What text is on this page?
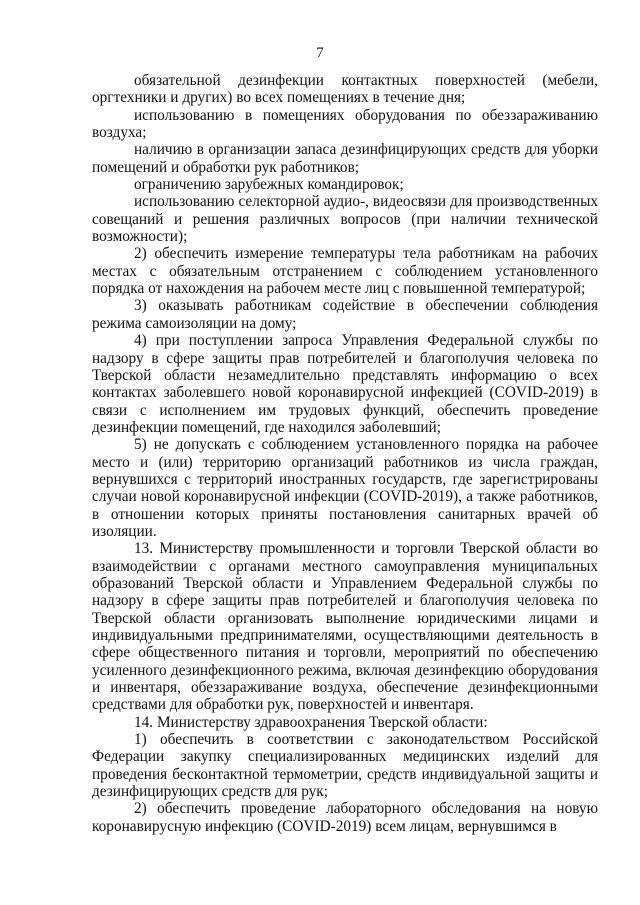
7

обязательной дезинфекции контактных поверхностей (мебели, оргтехники и других) во всех помещениях в течение дня;

использованию в помещениях оборудования по обеззараживанию воздуха;

наличию в организации запаса дезинфицирующих средств для уборки помещений и обработки рук работников;

ограничению зарубежных командировок;

использованию селекторной аудио-, видеосвязи для производственных совещаний и решения различных вопросов (при наличии технической возможности);

2) обеспечить измерение температуры тела работникам на рабочих местах с обязательным отстранением с соблюдением установленного порядка от нахождения на рабочем месте лиц с повышенной температурой;

3) оказывать работникам содействие в обеспечении соблюдения режима самоизоляции на дому;

4) при поступлении запроса Управления Федеральной службы по надзору в сфере защиты прав потребителей и благополучия человека по Тверской области незамедлительно представлять информацию о всех контактах заболевшего новой коронавирусной инфекцией (COVID-2019) в связи с исполнением им трудовых функций, обеспечить проведение дезинфекции помещений, где находился заболевший;

5) не допускать с соблюдением установленного порядка на рабочее место и (или) территорию организаций работников из числа граждан, вернувшихся с территорий иностранных государств, где зарегистрированы случаи новой коронавирусной инфекции (COVID-2019), а также работников, в отношении которых приняты постановления санитарных врачей об изоляции.

13. Министерству промышленности и торговли Тверской области во взаимодействии с органами местного самоуправления муниципальных образований Тверской области и Управлением Федеральной службы по надзору в сфере защиты прав потребителей и благополучия человека по Тверской области организовать выполнение юридическими лицами и индивидуальными предпринимателями, осуществляющими деятельность в сфере общественного питания и торговли, мероприятий по обеспечению усиленного дезинфекционного режима, включая дезинфекцию оборудования и инвентаря, обеззараживание воздуха, обеспечение дезинфекционными средствами для обработки рук, поверхностей и инвентаря.

14. Министерству здравоохранения Тверской области:

1) обеспечить в соответствии с законодательством Российской Федерации закупку специализированных медицинских изделий для проведения бесконтактной термометрии, средств индивидуальной защиты и дезинфицирующих средств для рук;

2) обеспечить проведение лабораторного обследования на новую коронавирусную инфекцию (COVID-2019) всем лицам, вернувшимся в
